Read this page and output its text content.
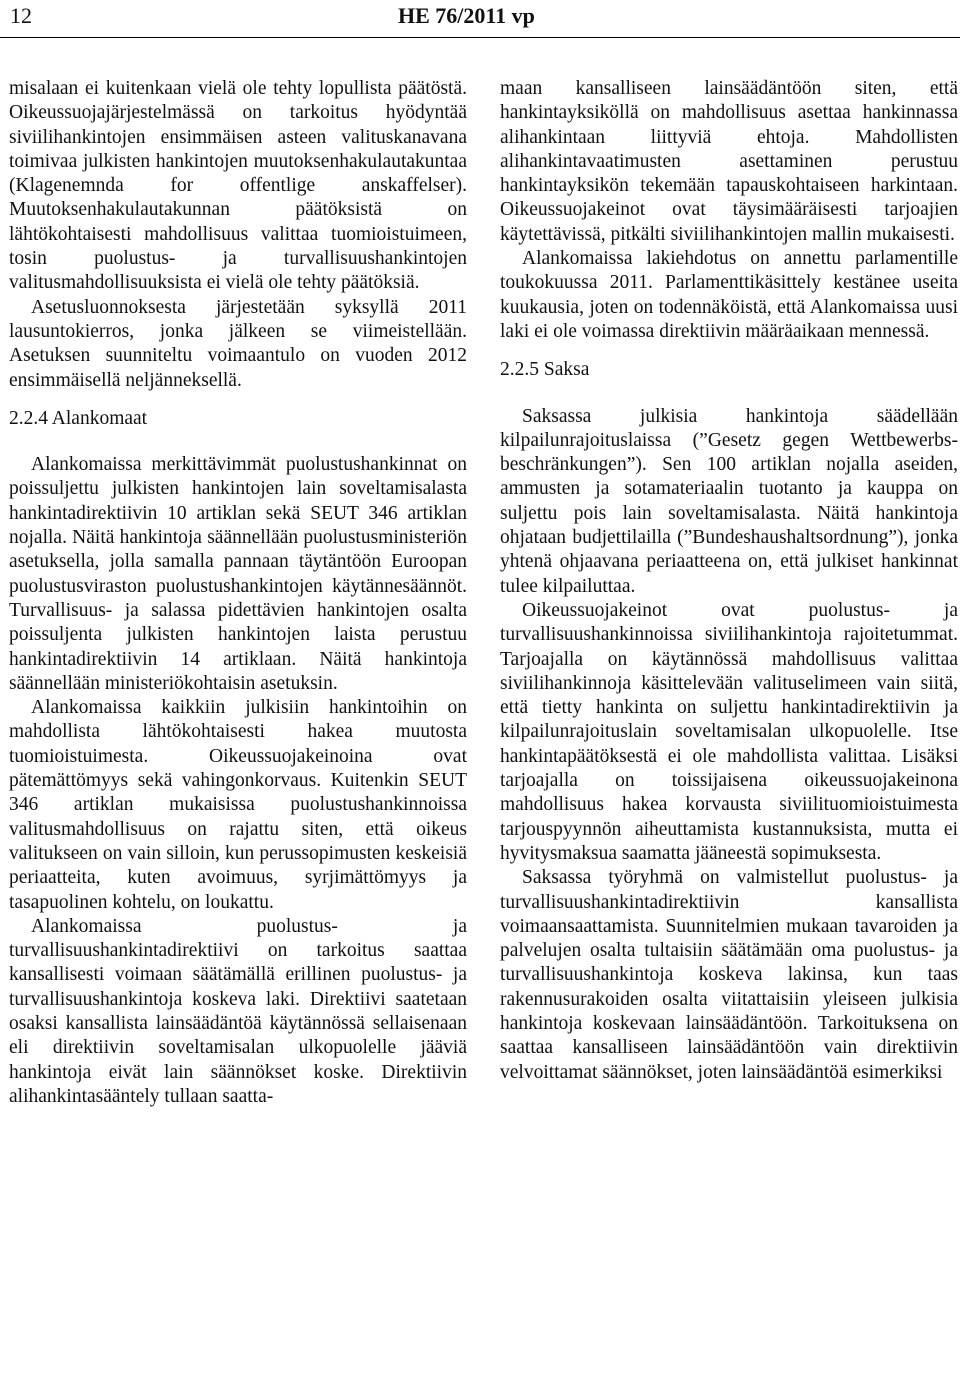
12	HE 76/2011 vp

misalaan ei kuitenkaan vielä ole tehty lopullista päätöstä. Oikeussuojajärjestelmässä on tarkoitus hyödyntää siviilihankintojen ensimmäisen asteen valituskanavana toimivaa julkisten hankintojen muutoksenhakulautakuntaa (Klagenemnda for offentlige anskaffelser). Muutoksenhakulautakunnan päätöksistä on lähtökohtaisesti mahdollisuus valittaa tuomioistuimeen, tosin puolustus- ja turvallisuushankintojen valitusmahdollisuuksista ei vielä ole tehty päätöksiä.

Asetusluonnoksesta järjestetään syksyllä 2011 lausuntokierros, jonka jälkeen se viimeistellään. Asetuksen suunniteltu voimaantulo on vuoden 2012 ensimmäisellä neljänneksellä.

2.2.4 Alankomaat

Alankomaissa merkittävimmät puolustushankinnat on poissuljettu julkisten hankintojen lain soveltamisalasta hankintadirektiivin 10 artiklan sekä SEUT 346 artiklan nojalla. Näitä hankintoja säännellään puolustusministeriön asetuksella, jolla samalla pannaan täytäntöön Euroopan puolustusviraston puolustushankintojen käytännesäännöt. Turvallisuus- ja salassa pidettävien hankintojen osalta poissuljenta julkisten hankintojen laista perustuu hankintadirektiivin 14 artiklaan. Näitä hankintoja säännellään ministeriökohtaisin asetuksin.

Alankomaissa kaikkiin julkisiin hankintoihin on mahdollista lähtökohtaisesti hakea muutosta tuomioistuimesta. Oikeussuojakeinoina ovat pätemättömyys sekä vahingonkorvaus. Kuitenkin SEUT 346 artiklan mukaisissa puolustushankinnoissa valitusmahdollisuus on rajattu siten, että oikeus valitukseen on vain silloin, kun perussopimusten keskeisiä periaatteita, kuten avoimuus, syrjimättömyys ja tasapuolinen kohtelu, on loukattu.

Alankomaissa puolustus- ja turvallisuushankintadirektiivi on tarkoitus saattaa kansallisesti voimaan säätämällä erillinen puolustus- ja turvallisuushankintoja koskeva laki. Direktiivi saatetaan osaksi kansallista lainsäädäntöä käytännössä sellaisenaan eli direktiivin soveltamisalan ulkopuolelle jääviä hankintoja eivät lain säännökset koske. Direktiivin alihankintasääntely tullaan saatta-

maan kansalliseen lainsäädäntöön siten, että hankintayksiköllä on mahdollisuus asettaa hankinnassa alihankintaan liittyviä ehtoja. Mahdollisten alihankintavaatimusten asettaminen perustuu hankintayksikön tekemään tapauskohtaiseen harkintaan. Oikeussuojakeinot ovat täysimääräisesti tarjoajien käytettävissä, pitkälti siviilihankintojen mallin mukaisesti.

Alankomaissa lakiehdotus on annettu parlamentille toukokuussa 2011. Parlamenttikäsittely kestänee useita kuukausia, joten on todennäköistä, että Alankomaissa uusi laki ei ole voimassa direktiivin määräaikaan mennessä.

2.2.5 Saksa

Saksassa julkisia hankintoja säädellään kilpailunrajoituslaissa (”Gesetz gegen Wettbewerbs-beschränkungen”). Sen 100 artiklan nojalla aseiden, ammusten ja sotamateriaalin tuotanto ja kauppa on suljettu pois lain soveltamisalasta. Näitä hankintoja ohjataan budjettilailla (”Bundeshaushaltsordnung”), jonka yhtenä ohjaavana periaatteena on, että julkiset hankinnat tulee kilpailuttaa.

Oikeussuojakeinot ovat puolustus- ja turvallisuushankinnoissa siviilihankintoja rajoitetummat. Tarjoajalla on käytännössä mahdollisuus valittaa siviilihankinnoja käsittelevään valituselimeen vain siitä, että tietty hankinta on suljettu hankintadirektiivin ja kilpailunrajoituslain soveltamisalan ulkopuolelle. Itse hankintapäätöksestä ei ole mahdollista valittaa. Lisäksi tarjoajalla on toissijaisena oikeussuojakeinona mahdollisuus hakea korvausta siviilituomioistuimesta tarjouspyynnön aiheuttamista kustannuksista, mutta ei hyvitysmaksua saamatta jääneestä sopimuksesta.

Saksassa työryhmä on valmistellut puolustus- ja turvallisuushankintadirektiivin kansallista voimaansaattamista. Suunnitelmien mukaan tavaroiden ja palvelujen osalta tultaisiin säätämään oma puolustus- ja turvallisuushankintoja koskeva lakinsa, kun taas rakennusurakoiden osalta viitattaisiin yleiseen julkisia hankintoja koskevaan lainsäädäntöön. Tarkoituksena on saattaa kansalliseen lainsäädäntöön vain direktiivin velvoittamat säännökset, joten lainsäädäntöä esimerkiksi
